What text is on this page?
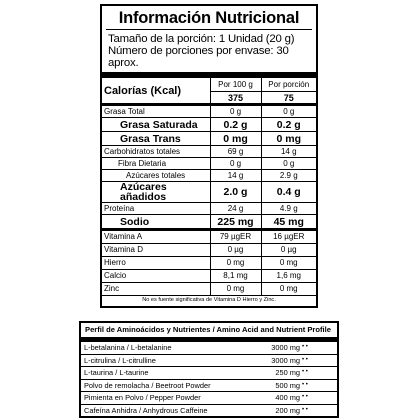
Información Nutricional
Tamaño de la porción: 1 Unidad (20 g)
Número de porciones por envase: 30 aprox.
Calorías (Kcal)	Por 100 g	Por porción
	375	75
Grasa Total	0 g	0 g
Grasa Saturada	0.2 g	0.2 g
Grasa Trans	0 mg	0 mg
Carbohidratos totales	69 g	14 g
Fibra Dietaria	0 g	0 g
Azúcares totales	14 g	2.9 g
Azúcares añadidos	2.0 g	0.4 g
Proteína	24 g	4.9 g
Sodio	225 mg	45 mg
Vitamina A	79 µgER	16 µgER
Vitamina D	0 µg	0 µg
Hierro	0 mg	0 mg
Calcio	8,1 mg	1,6 mg
Zinc	0 mg	0 mg
No es fuente significativa de Vitamina D Hierro y Zinc.
Perfil de Aminoácidos y Nutrientes / Amino Acid and Nutrient Profile
L-betalanina / L-betalanine	3000 mg • •
L-citrulina / L-citrulline	3000 mg • •
L-taurina / L-taurine	250 mg • •
Polvo de remolacha / Beetroot Powder	500 mg • •
Pimienta en Polvo / Pepper Powder	400 mg • •
Cafeína Anhidra / Anhydrous Caffeine	200 mg • •
